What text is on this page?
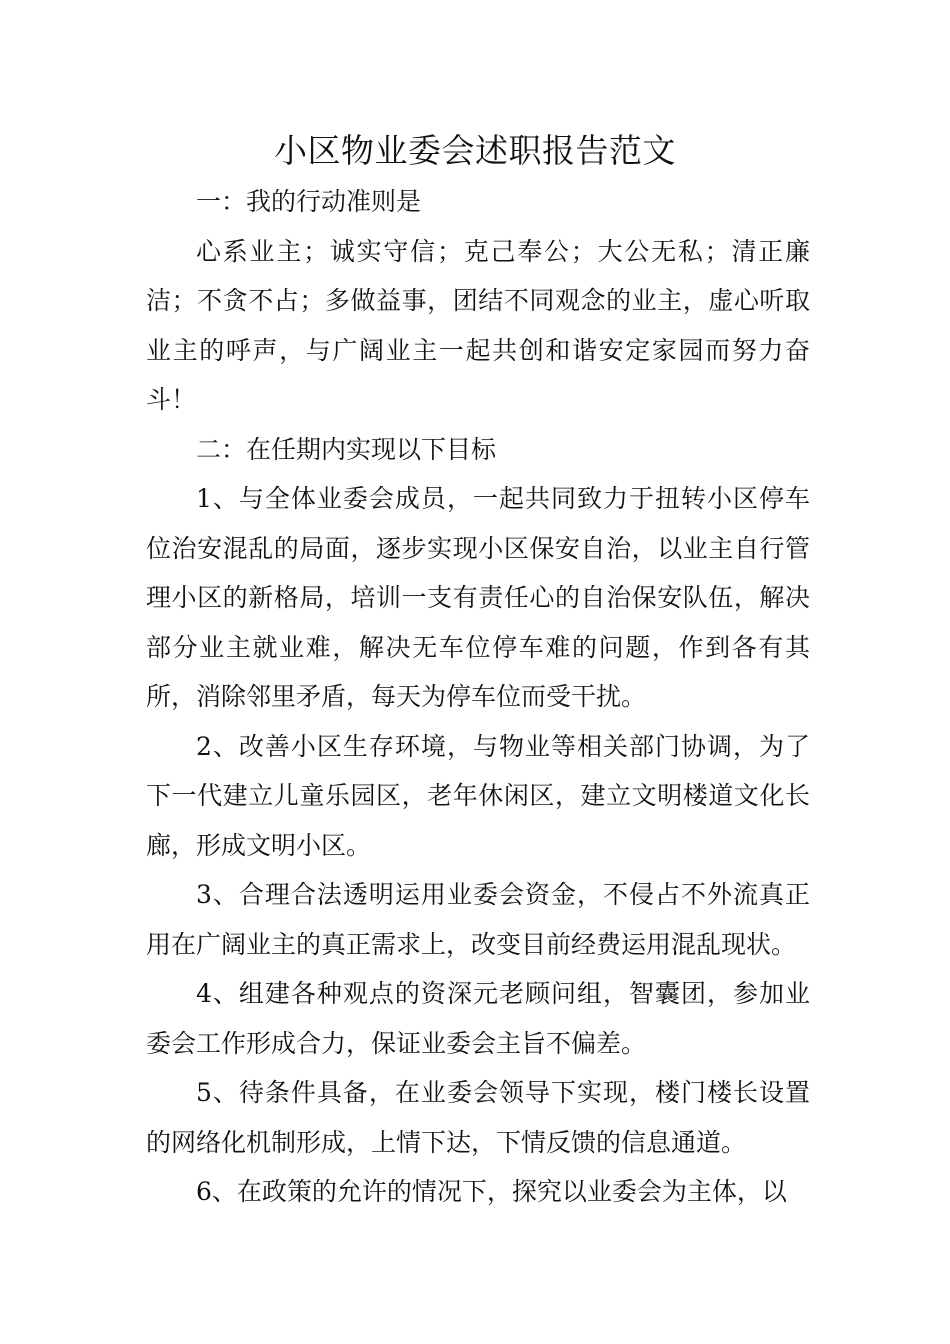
小区物业委会述职报告范文

一：我的行动准则是

心系业主；诚实守信；克己奉公；大公无私；清正廉洁；不贪不占；多做益事，团结不同观念的业主，虚心听取业主的呼声，与广阔业主一起共创和谐安定家园而努力奋斗！

二：在任期内实现以下目标

1、与全体业委会成员，一起共同致力于扭转小区停车位治安混乱的局面，逐步实现小区保安自治，以业主自行管理小区的新格局，培训一支有责任心的自治保安队伍，解决部分业主就业难，解决无车位停车难的问题，作到各有其所，消除邻里矛盾，每天为停车位而受干扰。

2、改善小区生存环境，与物业等相关部门协调，为了下一代建立儿童乐园区，老年休闲区，建立文明楼道文化长廊，形成文明小区。

3、合理合法透明运用业委会资金，不侵占不外流真正用在广阔业主的真正需求上，改变目前经费运用混乱现状。

4、组建各种观点的资深元老顾问组，智囊团，参加业委会工作形成合力，保证业委会主旨不偏差。

5、待条件具备，在业委会领导下实现，楼门楼长设置的网络化机制形成，上情下达，下情反馈的信息通道。

6、在政策的允许的情况下，探究以业委会为主体，以
